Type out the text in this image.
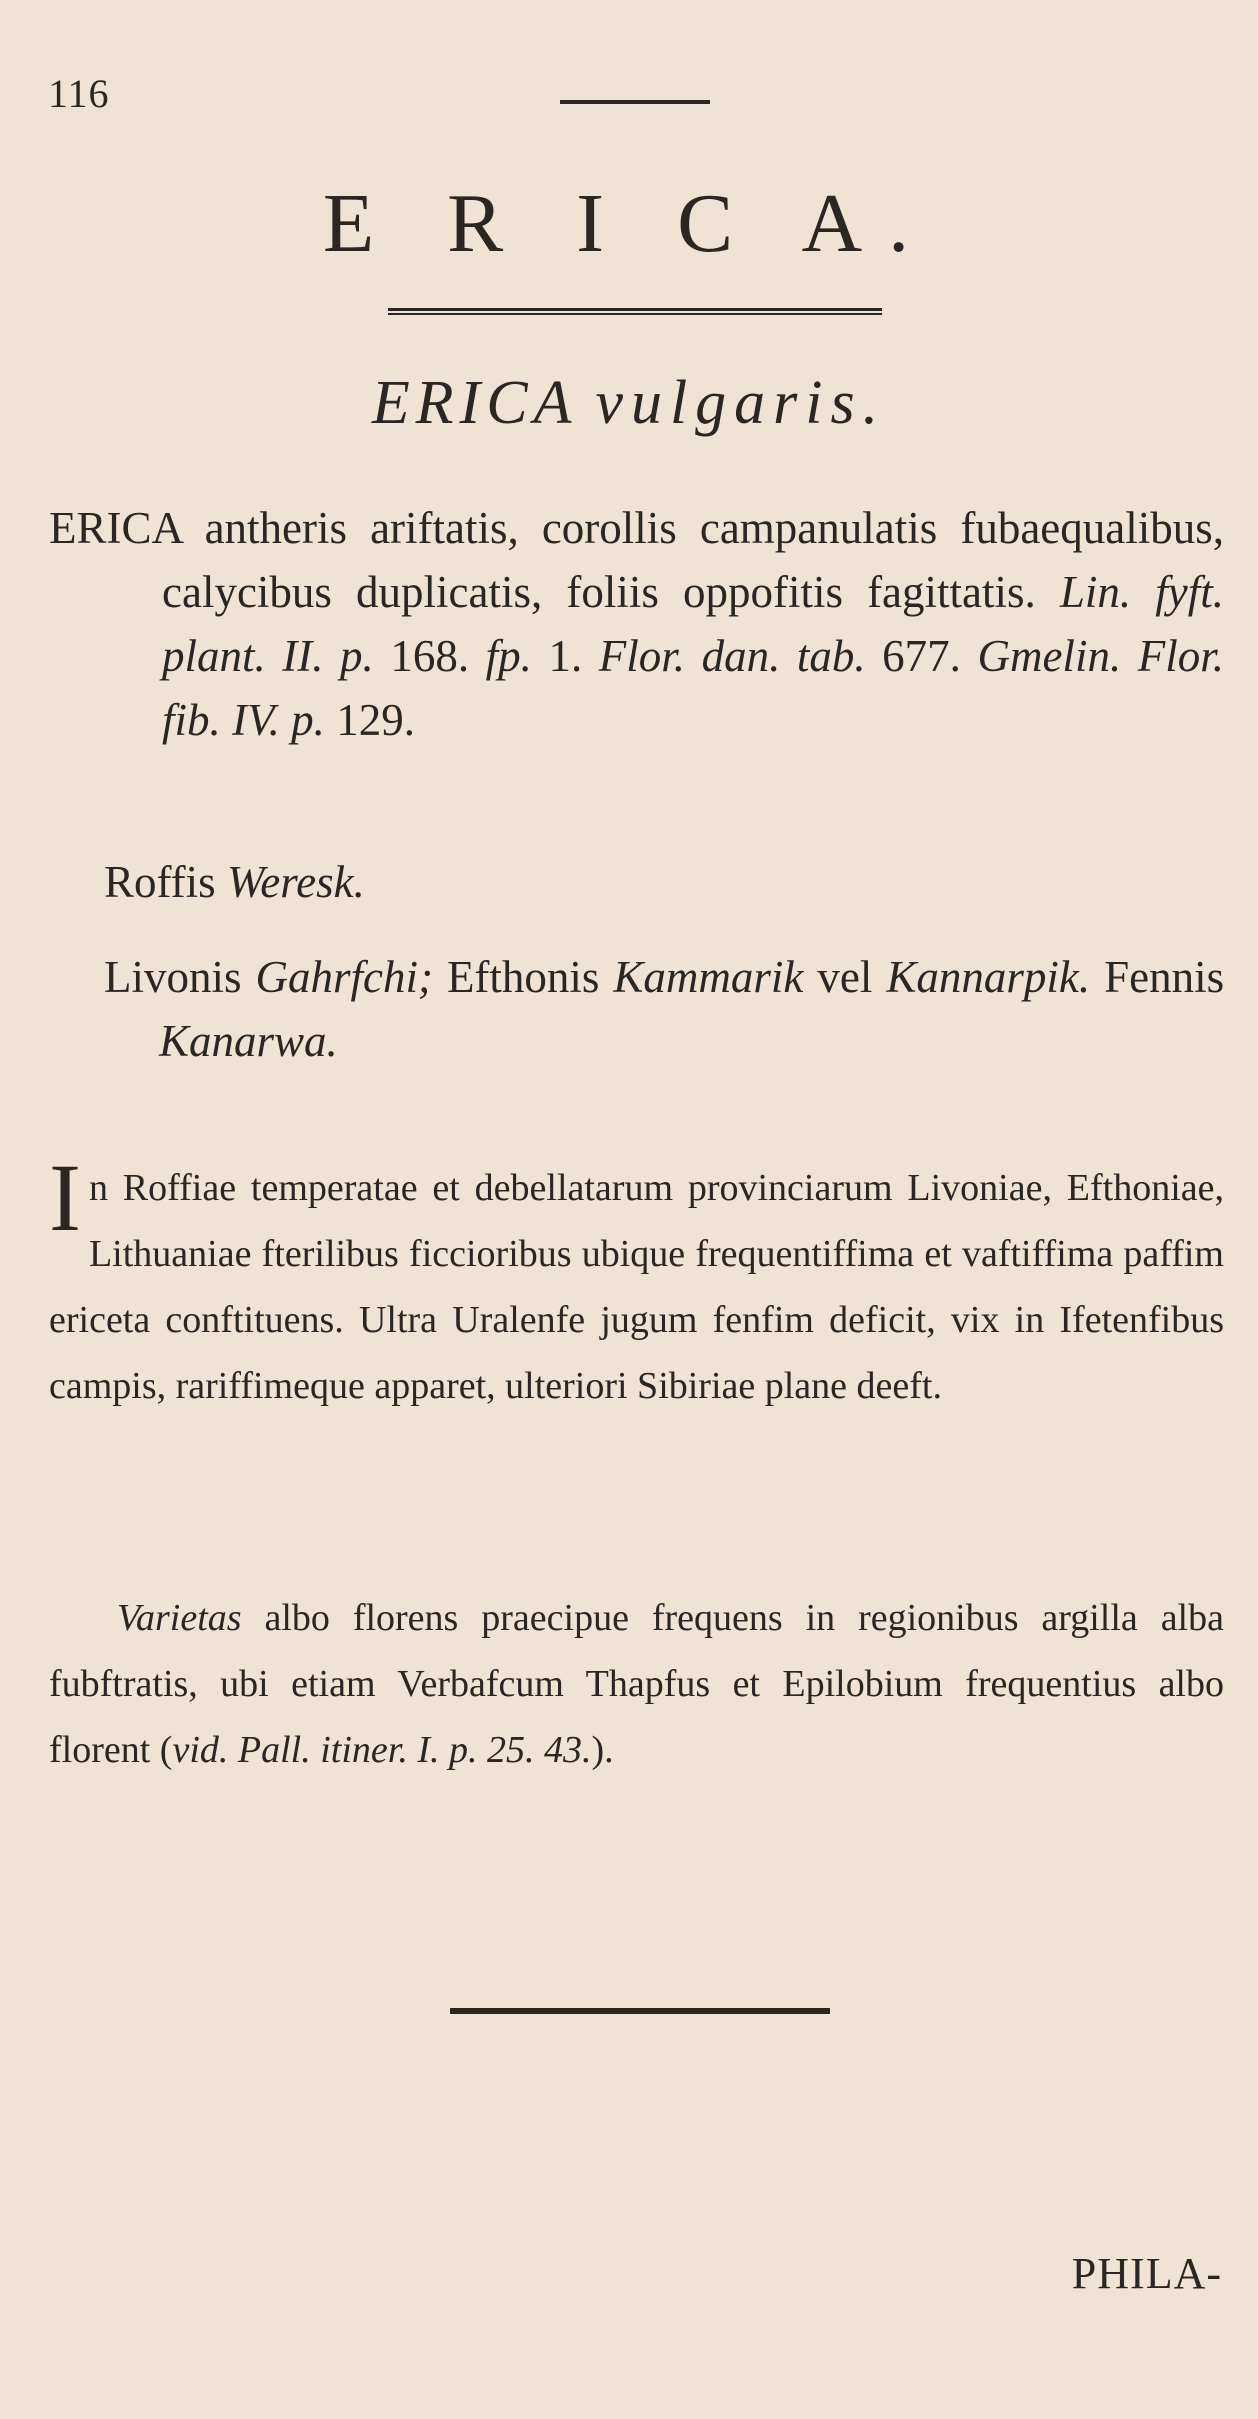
116
E R I C A.
ERICA vulgaris.

ERICA antheris ariftatis, corollis campanulatis fubaequalibus, calycibus duplicatis, foliis oppofitis fagittatis. Lin. fyft. plant. II. p. 168. fp. 1. Flor. dan. tab. 677. Gmelin. Flor. fib. IV. p. 129.

Roffis Weresk.

Livonis Gahrfchi; Efthonis Kammarik vel Kannarpik. Fennis Kanarwa.

In Roffiae temperatae et debellatarum provinciarum Livoniae, Efthoniae, Lithuaniae fterilibus ficcioribus ubique frequentiffima et vaftiffima paffim ericeta conftituens. Ultra Uralenfe jugum fenfim deficit, vix in Ifetenfibus campis, rariffimeque apparet, ulteriori Sibiriae plane deeft.

Varietas albo florens praecipue frequens in regionibus argilla alba fubftratis, ubi etiam Verbafcum Thapfus et Epilobium frequentius albo florent (vid. Pall. itiner. I. p. 25. 43.).

PHILA-
